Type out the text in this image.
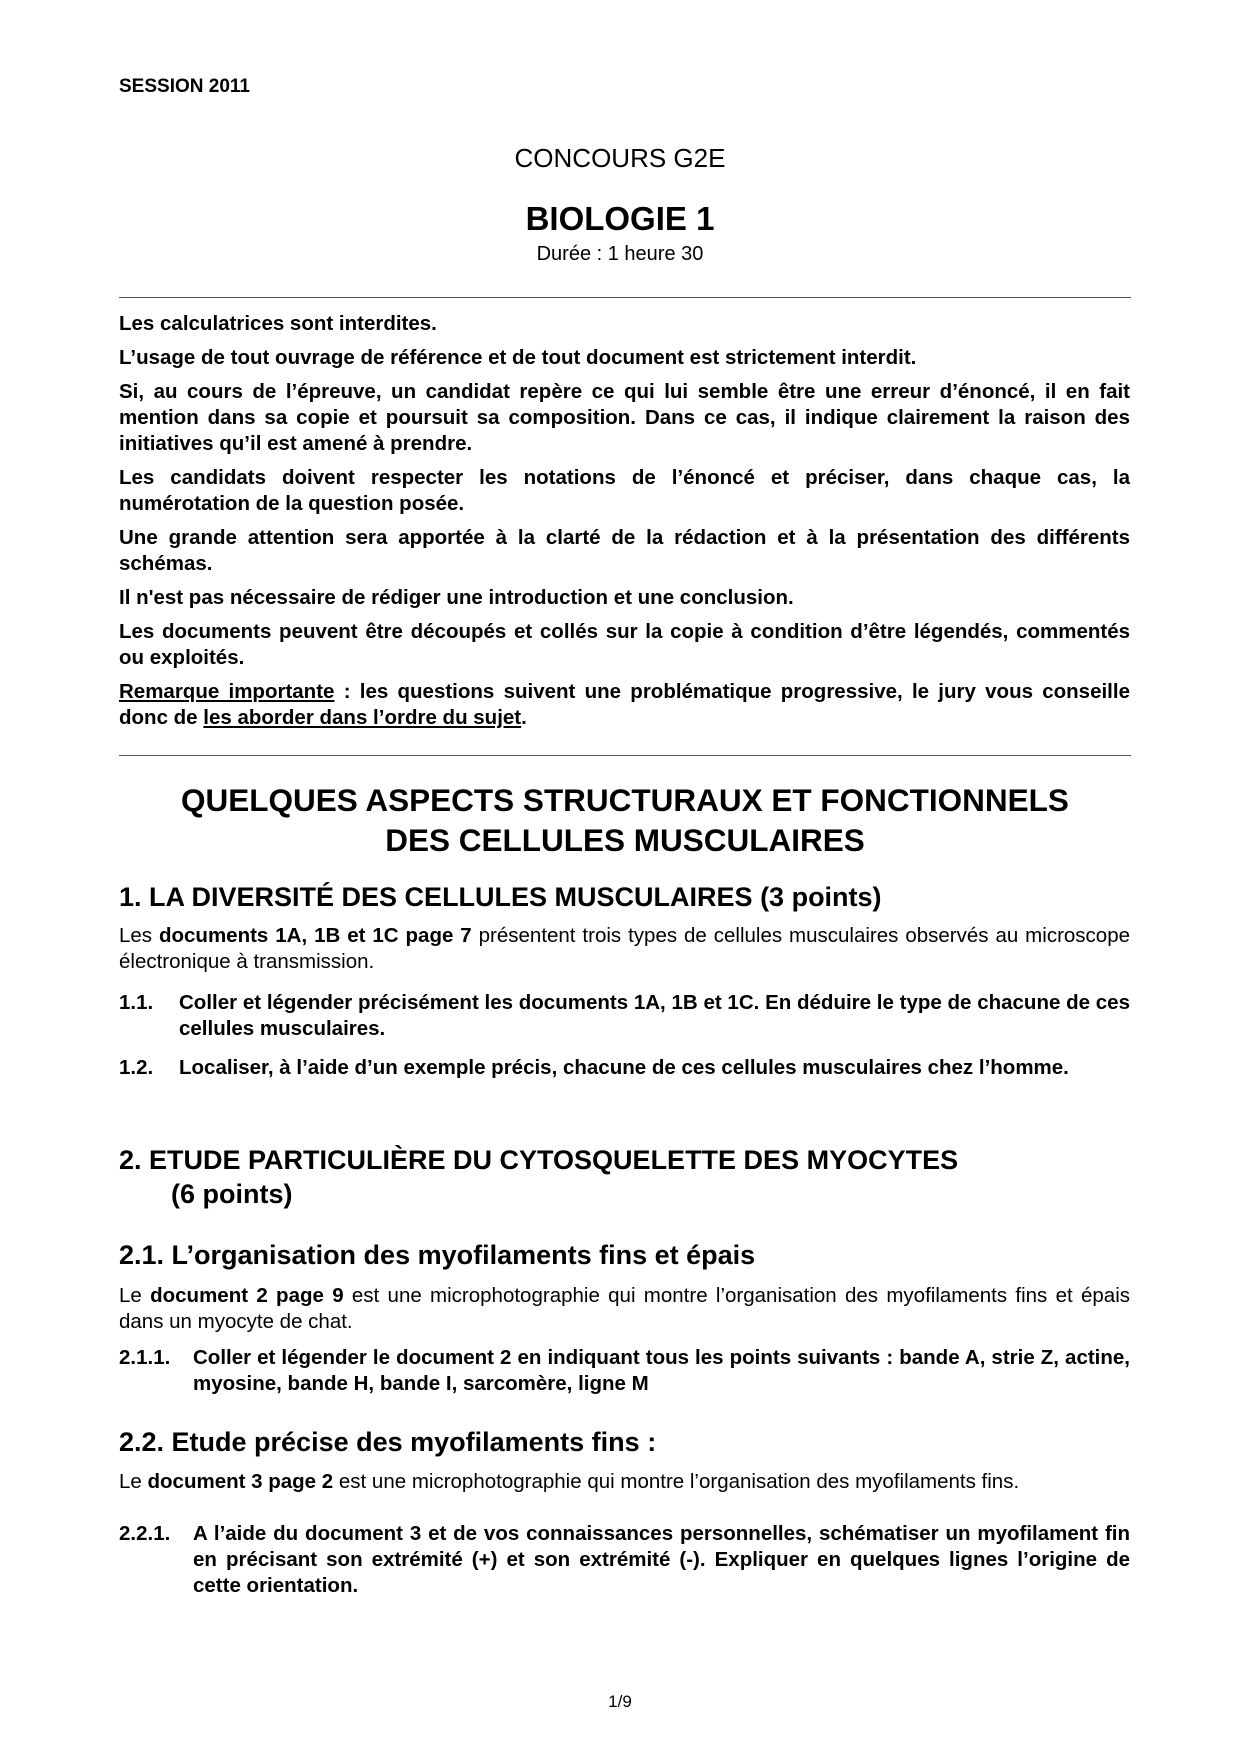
SESSION 2011
CONCOURS G2E
BIOLOGIE 1
Durée : 1 heure 30

Les calculatrices sont interdites.

L’usage de tout ouvrage de référence et de tout document est strictement interdit.

Si, au cours de l’épreuve, un candidat repère ce qui lui semble être une erreur d’énoncé, il en fait mention dans sa copie et poursuit sa composition. Dans ce cas, il indique clairement la raison des initiatives qu’il est amené à prendre.

Les candidats doivent respecter les notations de l’énoncé et préciser, dans chaque cas, la numérotation de la question posée.

Une grande attention sera apportée à la clarté de la rédaction et à la présentation des différents schémas.

Il n'est pas nécessaire de rédiger une introduction et une conclusion.

Les documents peuvent être découpés et collés sur la copie à condition d’être légendés, commentés ou exploités.

Remarque importante : les questions suivent une problématique progressive, le jury vous conseille donc de les aborder dans l’ordre du sujet.

QUELQUES ASPECTS STRUCTURAUX ET FONCTIONNELS
DES CELLULES MUSCULAIRES
1. LA DIVERSITÉ DES CELLULES MUSCULAIRES (3 points)
Les documents 1A, 1B et 1C page 7 présentent trois types de cellules musculaires observés au microscope électronique à transmission.
1.1.	Coller et légender précisément les documents 1A, 1B et 1C. En déduire le type de chacune de ces cellules musculaires.
1.2.	Localiser, à l’aide d’un exemple précis, chacune de ces cellules musculaires chez l’homme.
2. ETUDE PARTICULIÈRE DU CYTOSQUELETTE DES MYOCYTES
(6 points)
2.1. L’organisation des myofilaments fins et épais
Le document 2 page 9 est une microphotographie qui montre l’organisation des myofilaments fins et épais dans un myocyte de chat.
2.1.1.	Coller et légender le document 2 en indiquant tous les points suivants : bande A, strie Z, actine, myosine, bande H, bande I, sarcomère, ligne M
2.2. Etude précise des myofilaments fins :
Le document 3 page 2 est une microphotographie qui montre l’organisation des myofilaments fins.
2.2.1.	A l’aide du document 3 et de vos connaissances personnelles, schématiser un myofilament fin en précisant son extrémité (+) et son extrémité (-). Expliquer en quelques lignes l’origine de cette orientation.
1/9
